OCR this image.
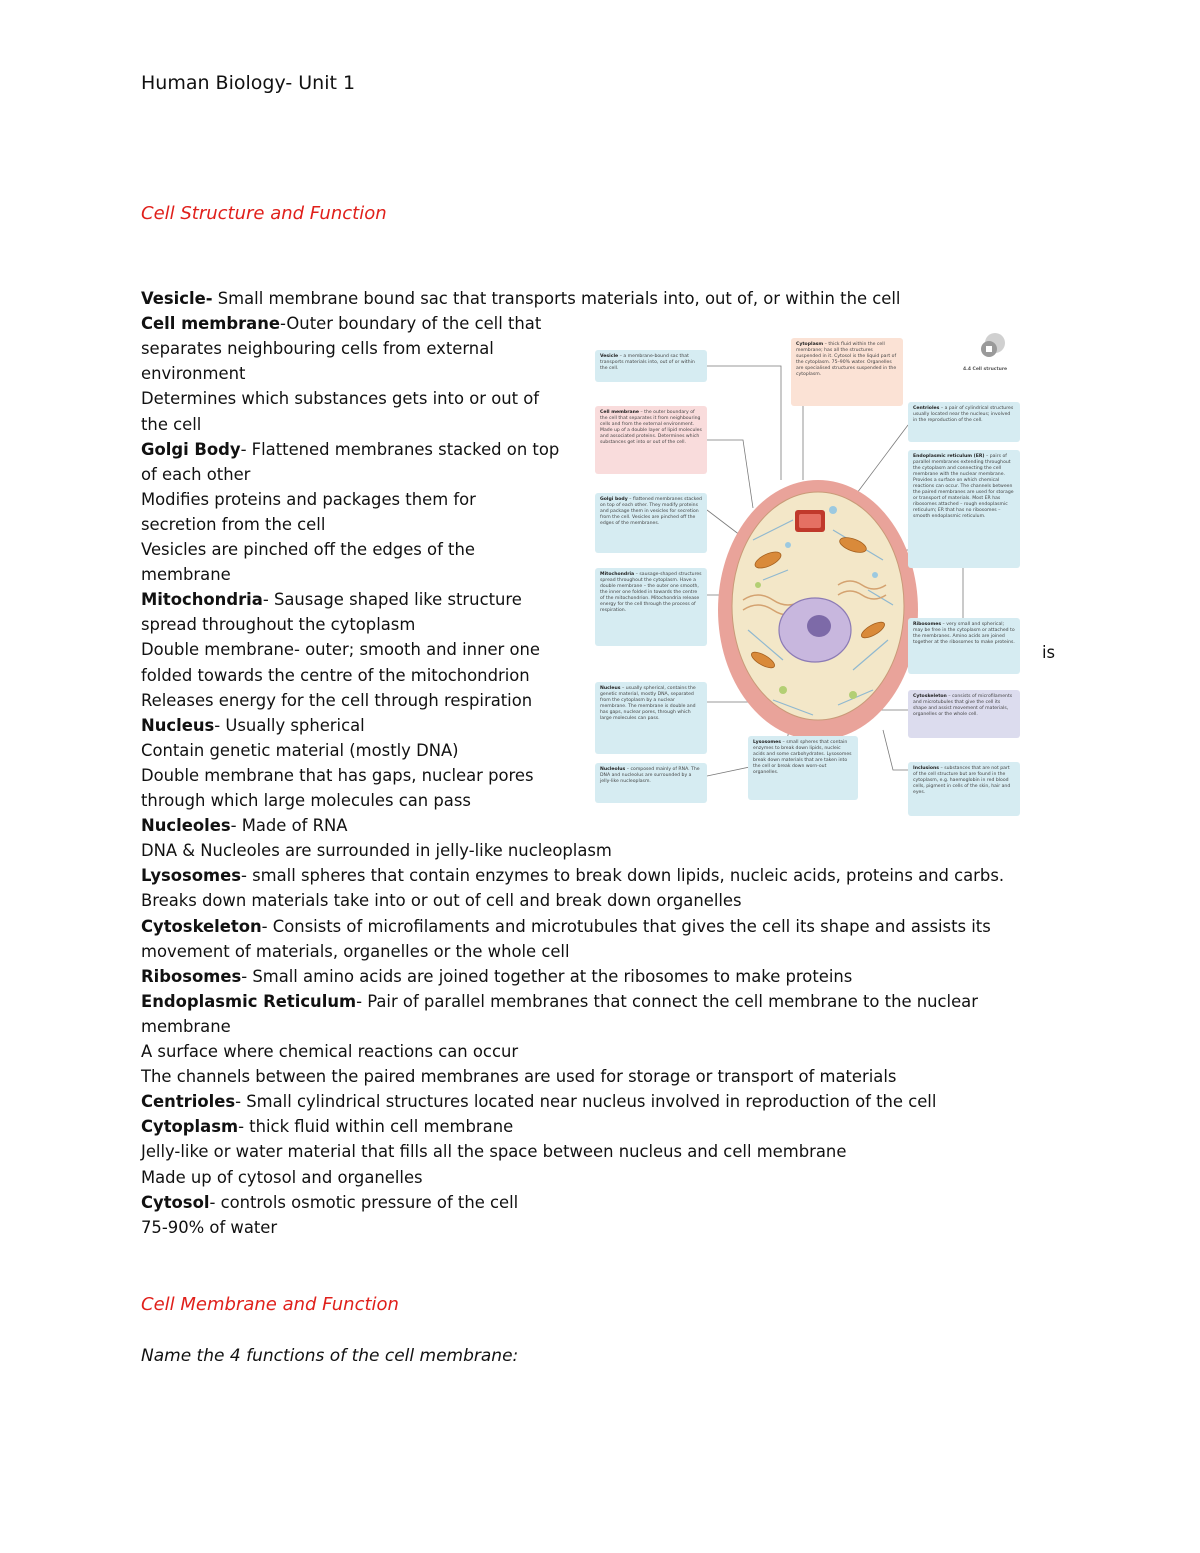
Human Biology- Unit 1
Cell Structure and Function
Vesicle- Small membrane bound sac that transports materials into, out of, or within the cell
Cell membrane-Outer boundary of the cell that
separates neighbouring cells from external
environment
Determines which substances gets into or out of
the cell
Golgi Body- Flattened membranes stacked on top
of each other
Modifies proteins and packages them for
secretion from the cell
Vesicles are pinched off the edges of the
membrane
Mitochondria- Sausage shaped like structure
spread throughout the cytoplasm
Double membrane- outer; smooth and inner one
folded towards the centre of the mitochondrion
Releases energy for the cell through respiration
Nucleus- Usually spherical
Contain genetic material (mostly DNA)
Double membrane that has gaps, nuclear pores
through which large molecules can pass
Nucleoles- Made of RNA
DNA & Nucleoles are surrounded in jelly-like nucleoplasm
Lysosomes- small spheres that contain enzymes to break down lipids, nucleic acids, proteins and carbs.
Breaks down materials take into or out of cell and break down organelles
Cytoskeleton- Consists of microfilaments and microtubules that gives the cell its shape and assists its
movement of materials, organelles or the whole cell
Ribosomes- Small amino acids are joined together at the ribosomes to make proteins
Endoplasmic Reticulum- Pair of parallel membranes that connect the cell membrane to the nuclear
membrane
A surface where chemical reactions can occur
The channels between the paired membranes are used for storage or transport of materials
Centrioles- Small cylindrical structures located near nucleus involved in reproduction of the cell
Cytoplasm- thick fluid within cell membrane
Jelly-like or water material that fills all the space between nucleus and cell membrane
Made up of cytosol and organelles
Cytosol- controls osmotic pressure of the cell
75-90% of water
is
Cell Membrane and Function
Name the 4 functions of the cell membrane:
4.4 Cell structure
Vesicle – a membrane-bound sac that transports materials into, out of or within the cell.
Cell membrane – the outer boundary of the cell that separates it from neighbouring cells and from the external environment. Made up of a double layer of lipid molecules and associated proteins. Determines which substances get into or out of the cell.
Golgi body – flattened membranes stacked on top of each other. They modify proteins and package them in vesicles for secretion from the cell. Vesicles are pinched off the edges of the membranes.
Mitochondria – sausage-shaped structures spread throughout the cytoplasm. Have a double membrane – the outer one smooth, the inner one folded in towards the centre of the mitochondrion. Mitochondria release energy for the cell through the process of respiration.
Nucleus – usually spherical, contains the genetic material, mostly DNA, separated from the cytoplasm by a nuclear membrane. The membrane is double and has gaps, nuclear pores, through which large molecules can pass.
Nucleolus – composed mainly of RNA. The DNA and nucleolus are surrounded by a jelly-like nucleoplasm.
Cytoplasm – thick fluid within the cell membrane; has all the structures suspended in it. Cytosol is the liquid part of the cytoplasm. 75–90% water. Organelles are specialised structures suspended in the cytoplasm.
Centrioles – a pair of cylindrical structures usually located near the nucleus; involved in the reproduction of the cell.
Endoplasmic reticulum (ER) – pairs of parallel membranes extending throughout the cytoplasm and connecting the cell membrane with the nuclear membrane. Provides a surface on which chemical reactions can occur. The channels between the paired membranes are used for storage or transport of materials. Most ER has ribosomes attached – rough endoplasmic reticulum; ER that has no ribosomes – smooth endoplasmic reticulum.
Ribosomes – very small and spherical; may be free in the cytoplasm or attached to the membranes. Amino acids are joined together at the ribosomes to make proteins.
Cytoskeleton – consists of microfilaments and microtubules that give the cell its shape and assist movement of materials, organelles or the whole cell.
Lysosomes – small spheres that contain enzymes to break down lipids, nucleic acids and some carbohydrates. Lysosomes break down materials that are taken into the cell or break down worn-out organelles.
Inclusions – substances that are not part of the cell structure but are found in the cytoplasm, e.g. haemoglobin in red blood cells, pigment in cells of the skin, hair and eyes.
